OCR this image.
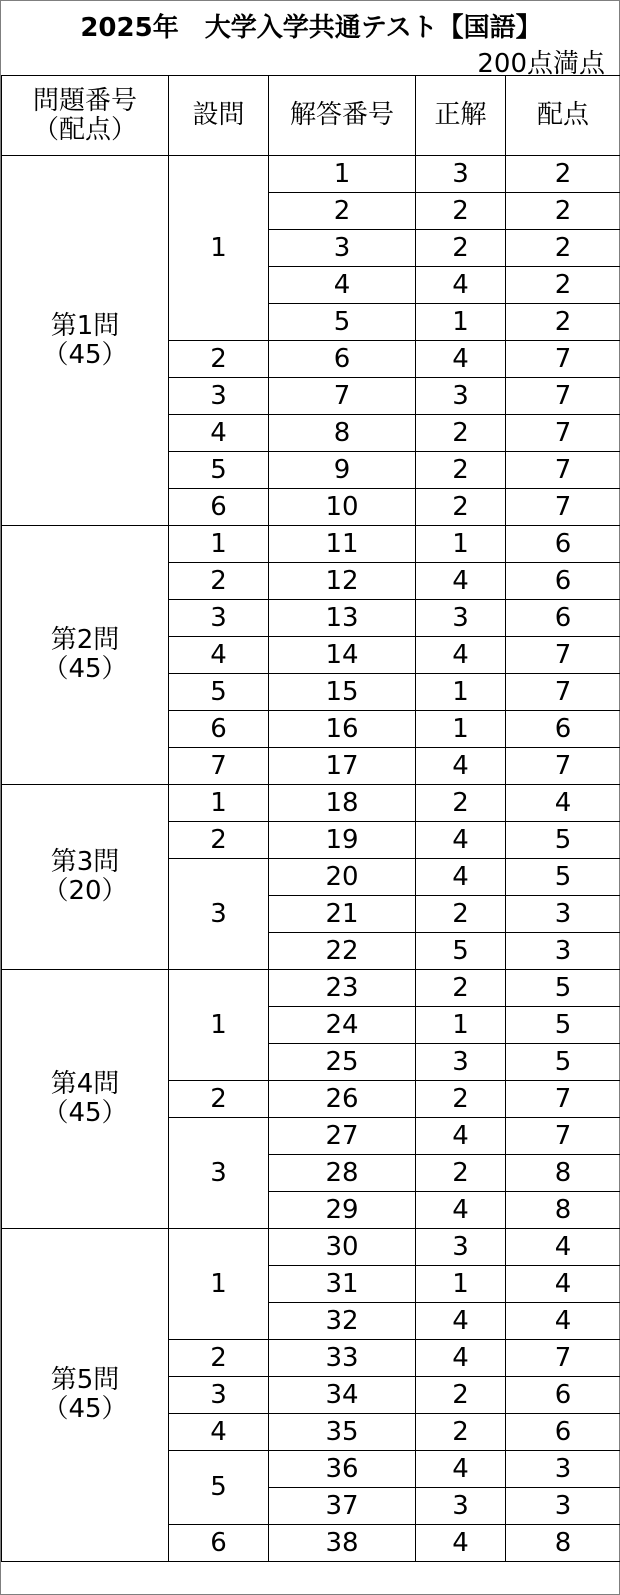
2025年　大学入学共通テスト【国語】
200点満点
問題番号
（配点）	設問	解答番号	正解	配点

第1問
（45）	1	1	3	2
		2	2	2
		3	2	2
		4	4	2
		5	1	2
	2	6	4	7
	3	7	3	7
	4	8	2	7
	5	9	2	7
	6	10	2	7

第2問
（45）	1	11	1	6
	2	12	4	6
	3	13	3	6
	4	14	4	7
	5	15	1	7
	6	16	1	6
	7	17	4	7

第3問
（20）	1	18	2	4
	2	19	4	5
	3	20	4	5
		21	2	3
		22	5	3

第4問
（45）	1	23	2	5
		24	1	5
		25	3	5
	2	26	2	7
	3	27	4	7
		28	2	8
		29	4	8

第5問
（45）	1	30	3	4
		31	1	4
		32	4	4
	2	33	4	7
	3	34	2	6
	4	35	2	6
	5	36	4	3
		37	3	3
	6	38	4	8
